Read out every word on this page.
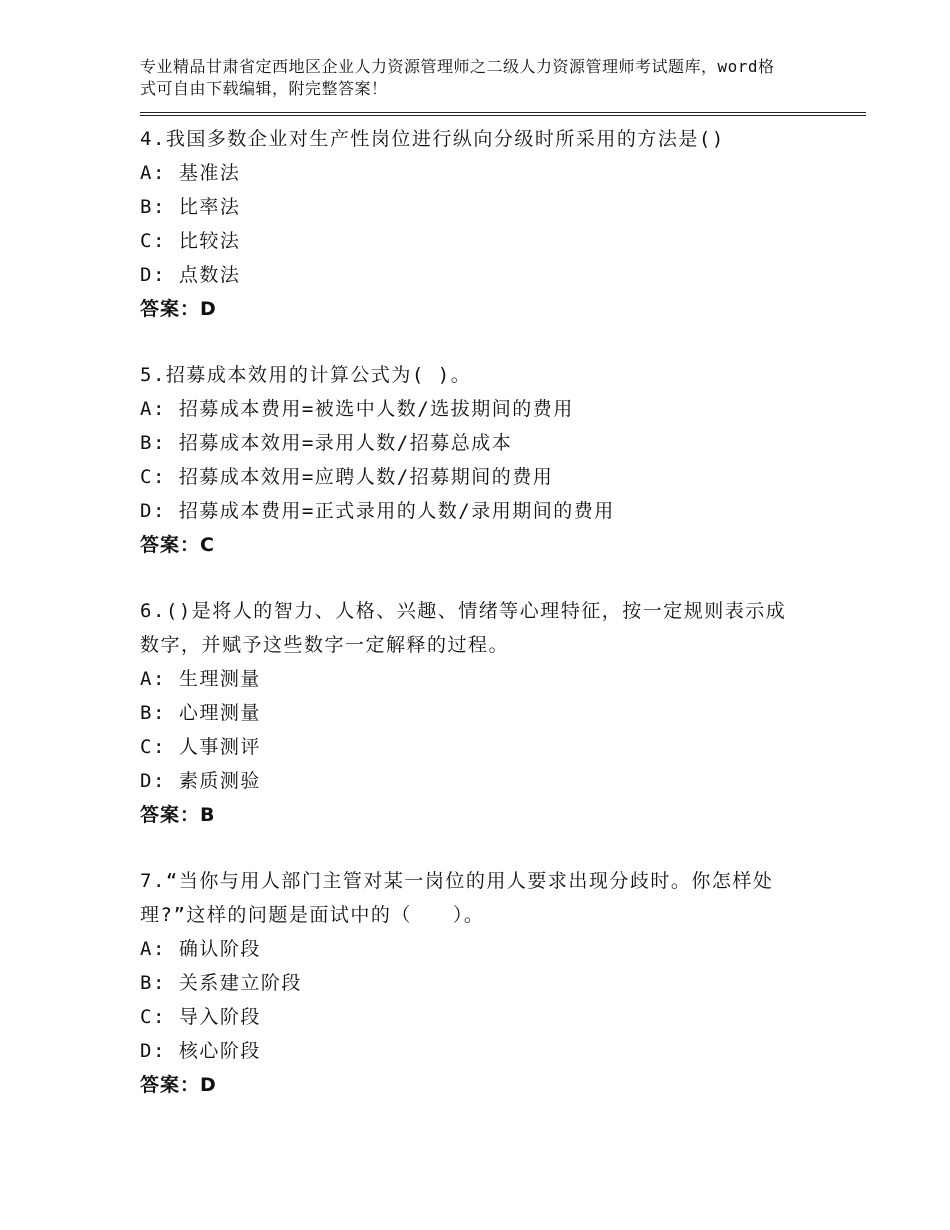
专业精品甘肃省定西地区企业人力资源管理师之二级人力资源管理师考试题库，word格式可自由下载编辑，附完整答案！
4.我国多数企业对生产性岗位进行纵向分级时所采用的方法是()
A: 基准法
B: 比率法
C: 比较法
D: 点数法
答案：D
5.招募成本效用的计算公式为( )。
A: 招募成本费用=被选中人数/选拔期间的费用
B: 招募成本效用=录用人数/招募总成本
C: 招募成本效用=应聘人数/招募期间的费用
D: 招募成本费用=正式录用的人数/录用期间的费用
答案：C
6.()是将人的智力、人格、兴趣、情绪等心理特征，按一定规则表示成数字，并赋予这些数字一定解释的过程。
A: 生理测量
B: 心理测量
C: 人事测评
D: 素质测验
答案：B
7.“当你与用人部门主管对某一岗位的用人要求出现分歧时。你怎样处理?”这样的问题是面试中的（　　）。
A: 确认阶段
B: 关系建立阶段
C: 导入阶段
D: 核心阶段
答案：D
